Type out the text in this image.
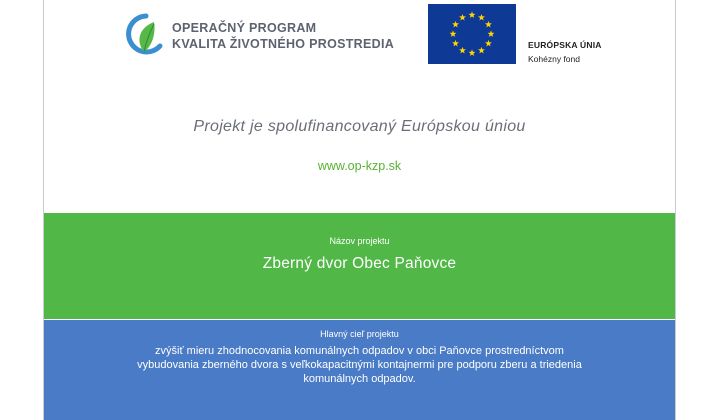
OPERAČNÝ PROGRAM
KVALITA ŽIVOTNÉHO PROSTREDIA	EURÓPSKA ÚNIA
Kohézny fond
Projekt je spolufinancovaný Európskou úniou
www.op-kzp.sk
Názov projektu
Zberný dvor Obec Paňovce
Hlavný cieľ projektu
zvýšiť mieru zhodnocovania komunálnych odpadov v obci Paňovce prostredníctvom vybudovania zberného dvora s veľkokapacitnými kontajnermi pre podporu zberu a triedenia komunálnych odpadov.
